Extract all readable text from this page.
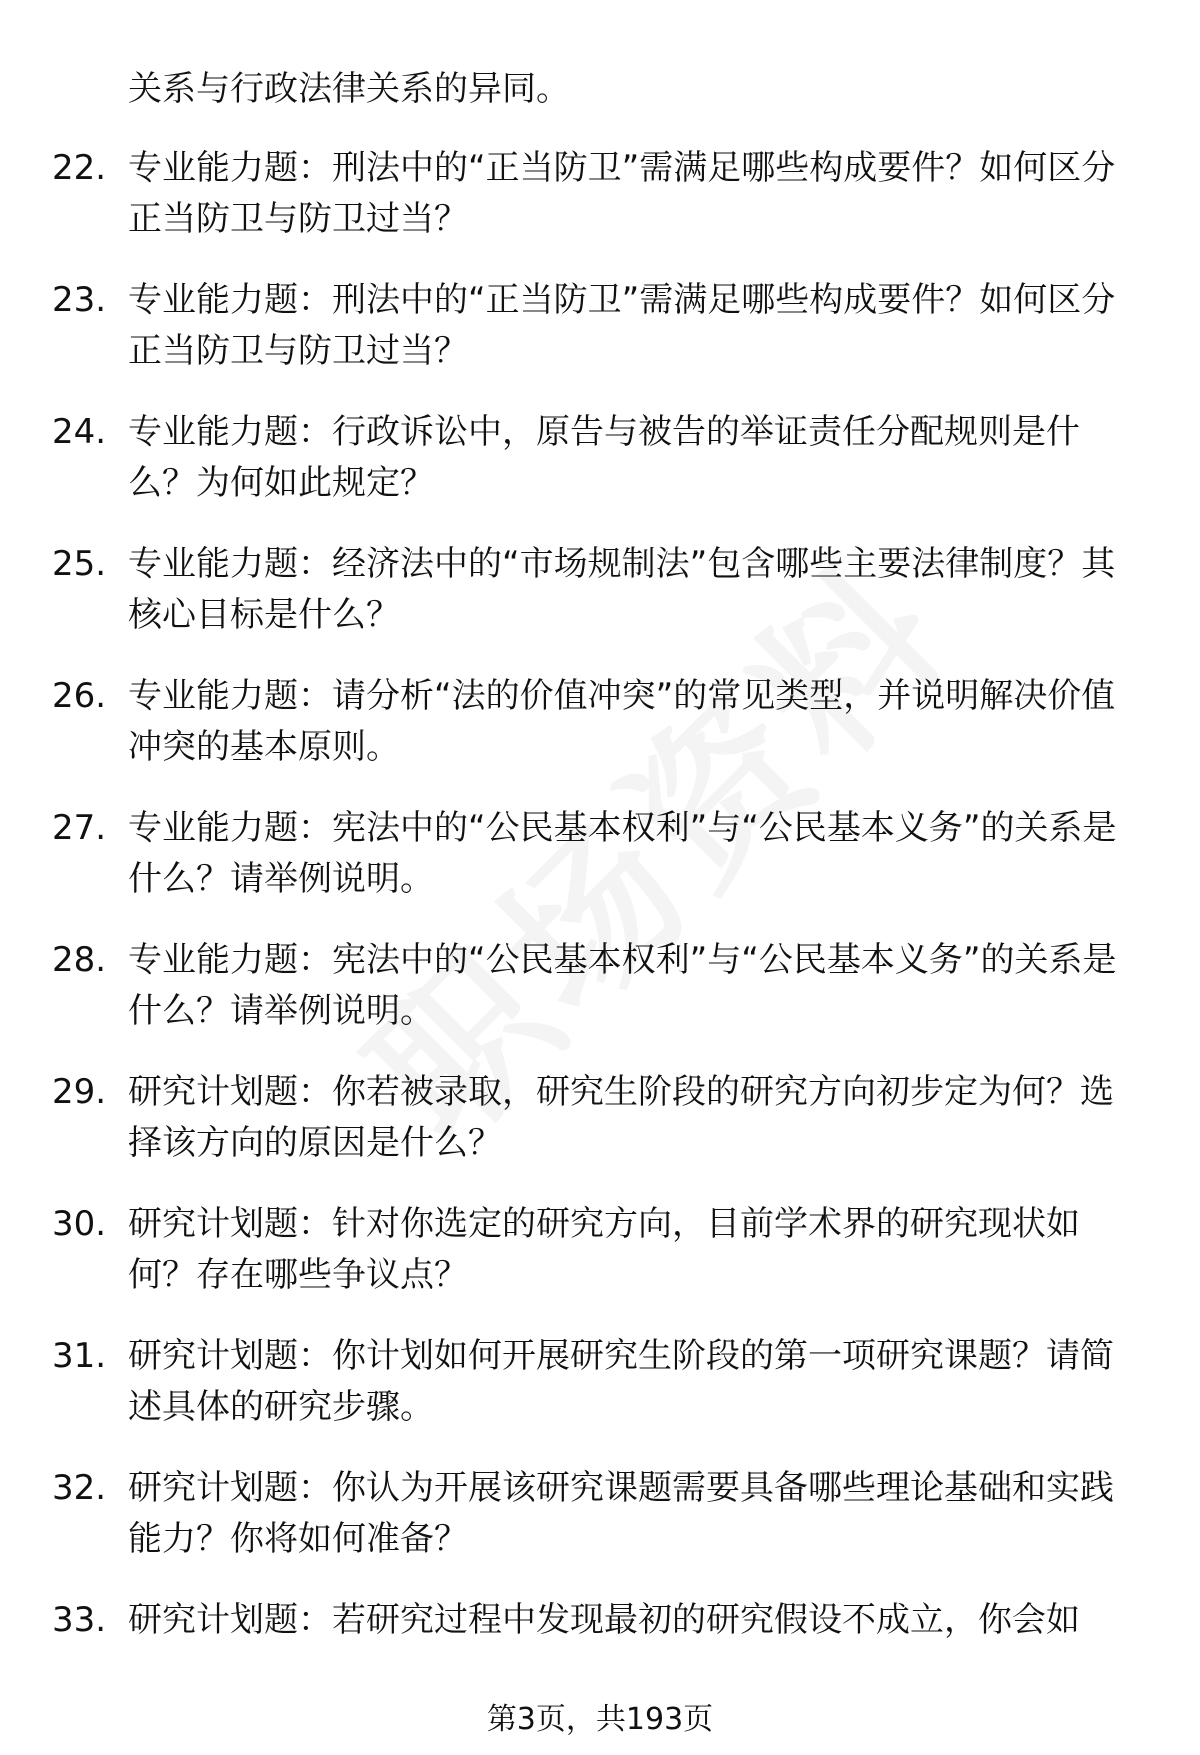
关系与行政法律关系的异同。

22. 专业能力题：刑法中的“正当防卫”需满足哪些构成要件？如何区分正当防卫与防卫过当？
23. 专业能力题：刑法中的“正当防卫”需满足哪些构成要件？如何区分正当防卫与防卫过当？
24. 专业能力题：行政诉讼中，原告与被告的举证责任分配规则是什么？为何如此规定？
25. 专业能力题：经济法中的“市场规制法”包含哪些主要法律制度？其核心目标是什么？
26. 专业能力题：请分析“法的价值冲突”的常见类型，并说明解决价值冲突的基本原则。
27. 专业能力题：宪法中的“公民基本权利”与“公民基本义务”的关系是什么？请举例说明。
28. 专业能力题：宪法中的“公民基本权利”与“公民基本义务”的关系是什么？请举例说明。
29. 研究计划题：你若被录取，研究生阶段的研究方向初步定为何？选择该方向的原因是什么？
30. 研究计划题：针对你选定的研究方向，目前学术界的研究现状如何？存在哪些争议点？
31. 研究计划题：你计划如何开展研究生阶段的第一项研究课题？请简述具体的研究步骤。
32. 研究计划题：你认为开展该研究课题需要具备哪些理论基础和实践能力？你将如何准备？
33. 研究计划题：若研究过程中发现最初的研究假设不成立，你会如
第3页，共193页
